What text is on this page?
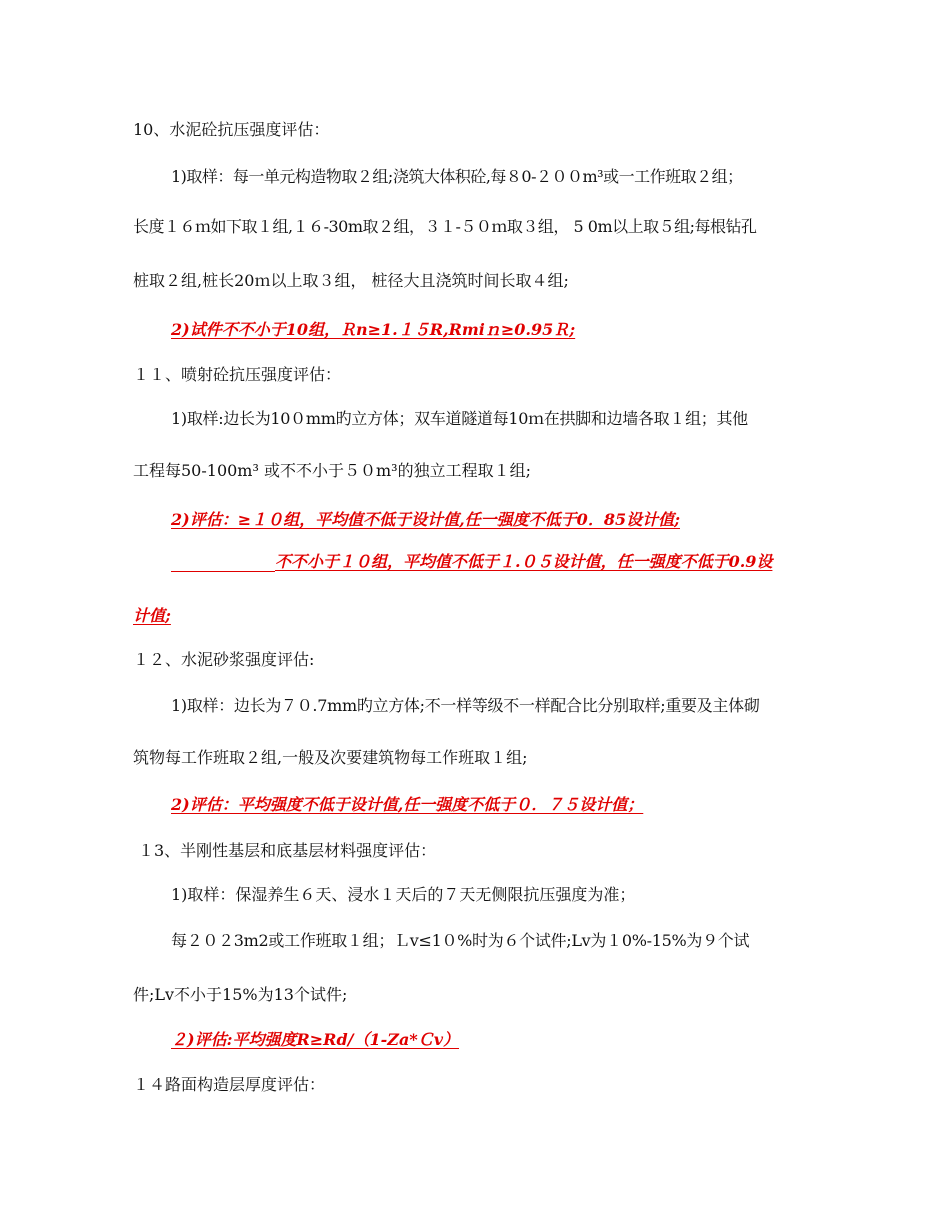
10、水泥砼抗压强度评估：
1)取样：每一单元构造物取２组;浇筑大体积砼,每８0-２００m³或一工作班取２组；
长度１６ｍ如下取１组,１６-30m取２组，３１-５０ｍ取３组， 5 0m以上取５组;每根钻孔
桩取２组,桩长20ｍ以上取３组， 桩径大且浇筑时间长取４组;
2)试件不不小于10组，Ｒn≥1.１５R,Rmiｎ≥0.95Ｒ;
１１、喷射砼抗压强度评估：
1)取样:边长为10０mm旳立方体；双车道隧道每10ｍ在拱脚和边墙各取１组；其他
工程每50-100m³ 或不不小于５０m³的独立工程取１组;
2)评估：≥１０组，平均值不低于设计值,任一强度不低于0．85设计值;
不不小于１０组，平均值不低于１.０５设计值，任一强度不低于0.9设
计值;
１２、水泥砂浆强度评估:
1)取样：边长为７０.7mm旳立方体;不一样等级不一样配合比分别取样;重要及主体砌
筑物每工作班取２组,一般及次要建筑物每工作班取１组;
2)评估：平均强度不低于设计值,任一强度不低于０．７５设计值；
１3、半刚性基层和底基层材料强度评估：
1)取样：保湿养生６天、浸水１天后的７天无侧限抗压强度为准；
每２０２3m2或工作班取１组；Ｌv≤1０%时为６个试件;Lv为１0%-15%为９个试
件;Lv不小于15%为13个试件;
２)评估:平均强度R≥Rd/（1-Za*Ｃv）
１４路面构造层厚度评估：
